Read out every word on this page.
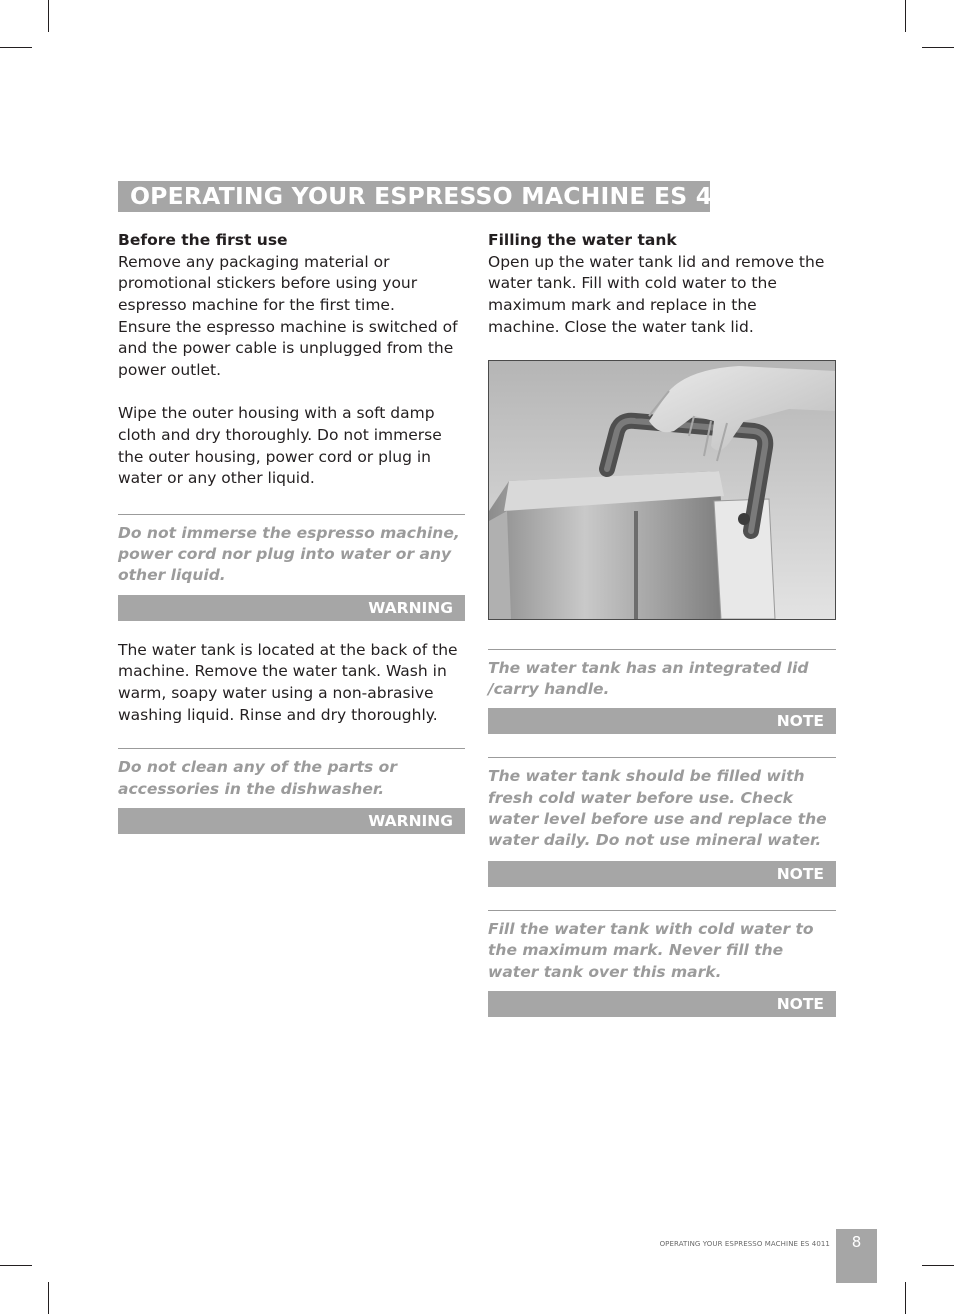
OPERATING YOUR ESPRESSO MACHINE ES 4011
Before the first use

Remove any packaging material or promotional stickers before using your espresso machine for the first time.

Ensure the espresso machine is switched of and the power cable is unplugged from the power outlet.

Wipe the outer housing with a soft damp cloth and dry thoroughly. Do not immerse the outer housing, power cord or plug in water or any other liquid.

Do not immerse the espresso machine, power cord nor plug into water or any other liquid.

WARNING

The water tank is located at the back of the machine. Remove the water tank. Wash in warm, soapy water using a non-abrasive washing liquid. Rinse and dry thoroughly.

Do not clean any of the parts or accessories in the dishwasher.

WARNING
Filling the water tank

Open up the water tank lid and remove the water tank. Fill with cold water to the maximum mark and replace in the machine. Close the water tank lid.

The water tank has an integrated lid /carry handle.

NOTE

The water tank should be filled with fresh cold water before use. Check water level before use and replace the water daily. Do not use mineral water.

NOTE

Fill the water tank with cold water to the maximum mark. Never fill the water tank over this mark.

NOTE
OPERATING YOUR ESPRESSO MACHINE ES 4011	8
